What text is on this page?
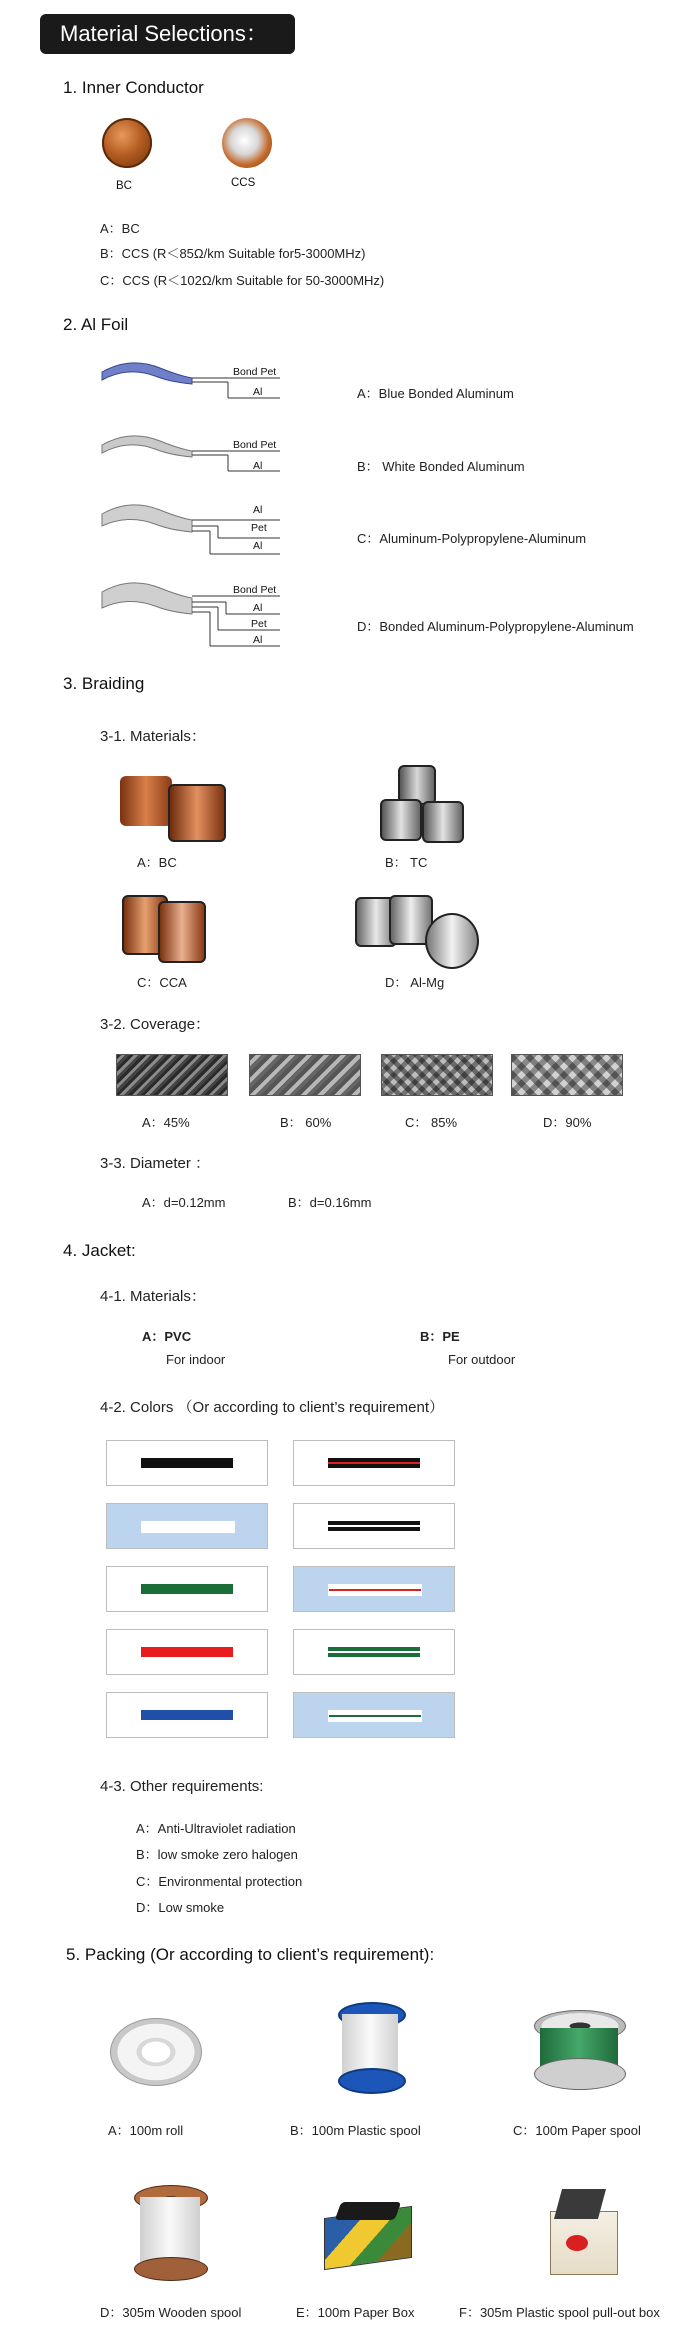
Material Selections：
1. Inner Conductor
BC	CCS
A：BC
B：CCS (R＜85Ω/km Suitable for5-3000MHz)
C：CCS (R＜102Ω/km Suitable for 50-3000MHz)
2. Al Foil
Bond Pet
Al	A：Blue Bonded Aluminum
Bond Pet
Al	B： White Bonded Aluminum
Al
Pet
Al	C：Aluminum-Polypropylene-Aluminum
Bond Pet
Al
Pet
Al
D：Bonded Aluminum-Polypropylene-Aluminum
3. Braiding
3-1. Materials：
A：BC	B： TC
C：CCA	D： Al-Mg
3-2. Coverage：
A：45%	B： 60%	C： 85%	D：90%
3-3. Diameter ：
A：d=0.12mm	B：d=0.16mm
4. Jacket:
4-1. Materials：
A：PVC
For indoor
B：PE
For outdoor
4-2. Colors （Or according to client’s requirement）
4-3. Other requirements:
A：Anti-Ultraviolet radiation
B：low smoke zero halogen
C：Environmental protection
D：Low smoke
5. Packing (Or according to client’s requirement):
A：100m roll	B：100m Plastic spool	C：100m Paper spool
D：305m Wooden spool	E：100m Paper Box	F：305m Plastic spool pull-out box
